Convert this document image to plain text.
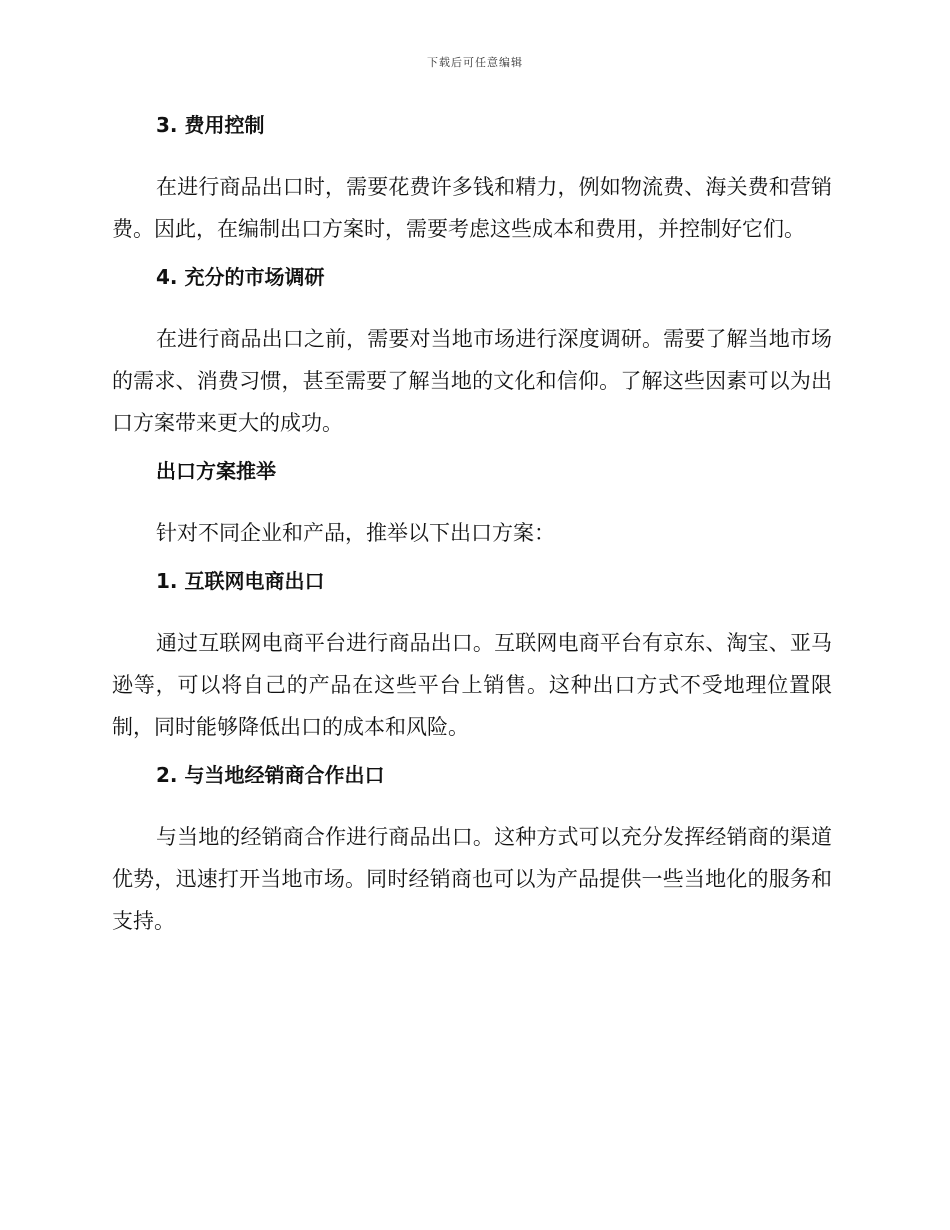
下载后可任意编辑
3. 费用控制

在进行商品出口时，需要花费许多钱和精力，例如物流费、海关费和营销费。因此，在编制出口方案时，需要考虑这些成本和费用，并控制好它们。

4. 充分的市场调研

在进行商品出口之前，需要对当地市场进行深度调研。需要了解当地市场的需求、消费习惯，甚至需要了解当地的文化和信仰。了解这些因素可以为出口方案带来更大的成功。

出口方案推举

针对不同企业和产品，推举以下出口方案：

1. 互联网电商出口

通过互联网电商平台进行商品出口。互联网电商平台有京东、淘宝、亚马逊等，可以将自己的产品在这些平台上销售。这种出口方式不受地理位置限制，同时能够降低出口的成本和风险。

2. 与当地经销商合作出口

与当地的经销商合作进行商品出口。这种方式可以充分发挥经销商的渠道优势，迅速打开当地市场。同时经销商也可以为产品提供一些当地化的服务和支持。
